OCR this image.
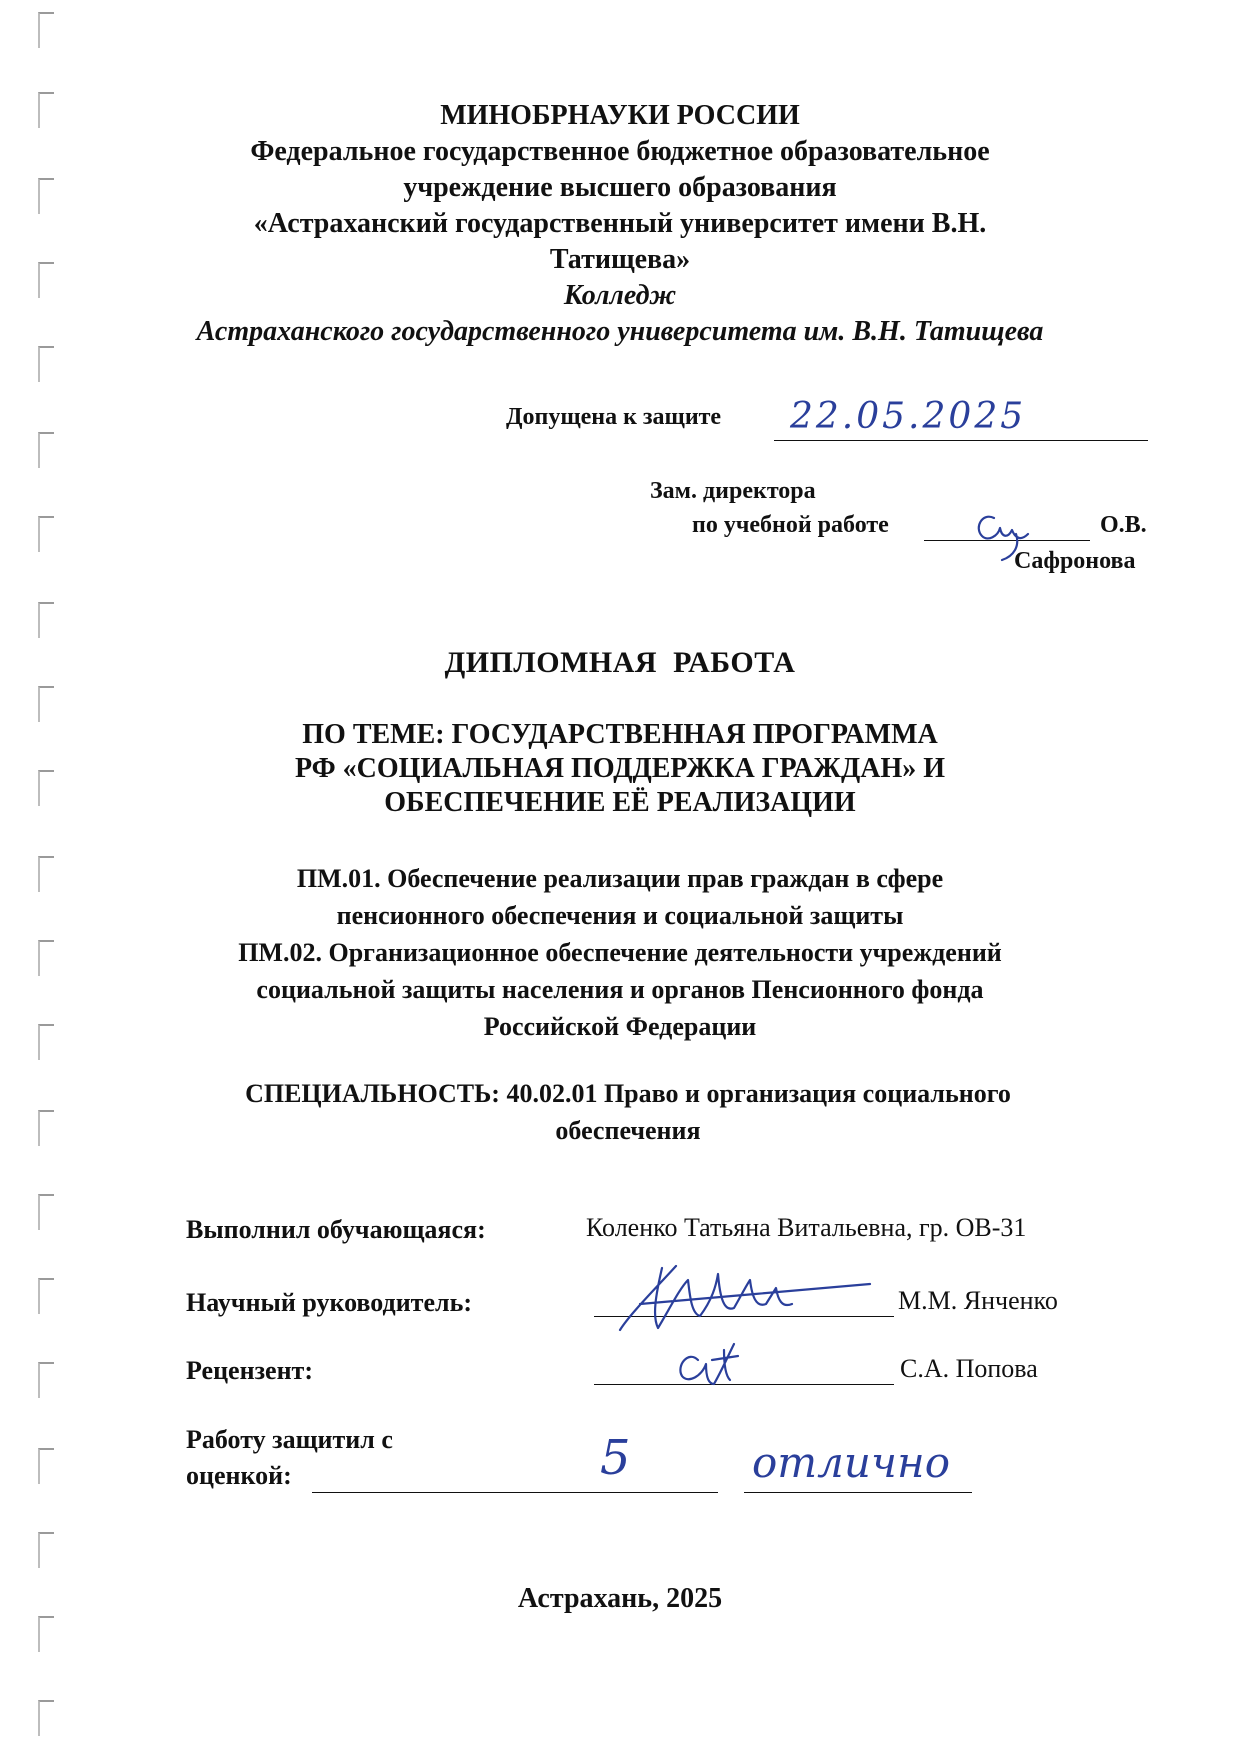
МИНОБРНАУКИ РОССИИ
Федеральное государственное бюджетное образовательное
учреждение высшего образования
«Астраханский государственный университет имени В.Н.
Татищева»
Колледж
Астраханского государственного университета им. В.Н. Татищева
Допущена к защите 22.05.2025
Зам. директора
по учебной работе	О.В.
Сафронова
ДИПЛОМНАЯ  РАБОТА
ПО ТЕМЕ: ГОСУДАРСТВЕННАЯ ПРОГРАММА
РФ «СОЦИАЛЬНАЯ ПОДДЕРЖКА ГРАЖДАН» И
ОБЕСПЕЧЕНИЕ ЕЁ РЕАЛИЗАЦИИ
ПМ.01. Обеспечение реализации прав граждан в сфере
пенсионного обеспечения и социальной защиты
ПМ.02. Организационное обеспечение деятельности учреждений
социальной защиты населения и органов Пенсионного фонда
Российской Федерации
СПЕЦИАЛЬНОСТЬ: 40.02.01 Право и организация социального
обеспечения
Выполнил обучающаяся:	Коленко Татьяна Витальевна, гр. ОВ-31
Научный руководитель:	М.М. Янченко
Рецензент:	С.А. Попова
Работу защитил с
оценкой:	5	отлично
Астрахань, 2025
